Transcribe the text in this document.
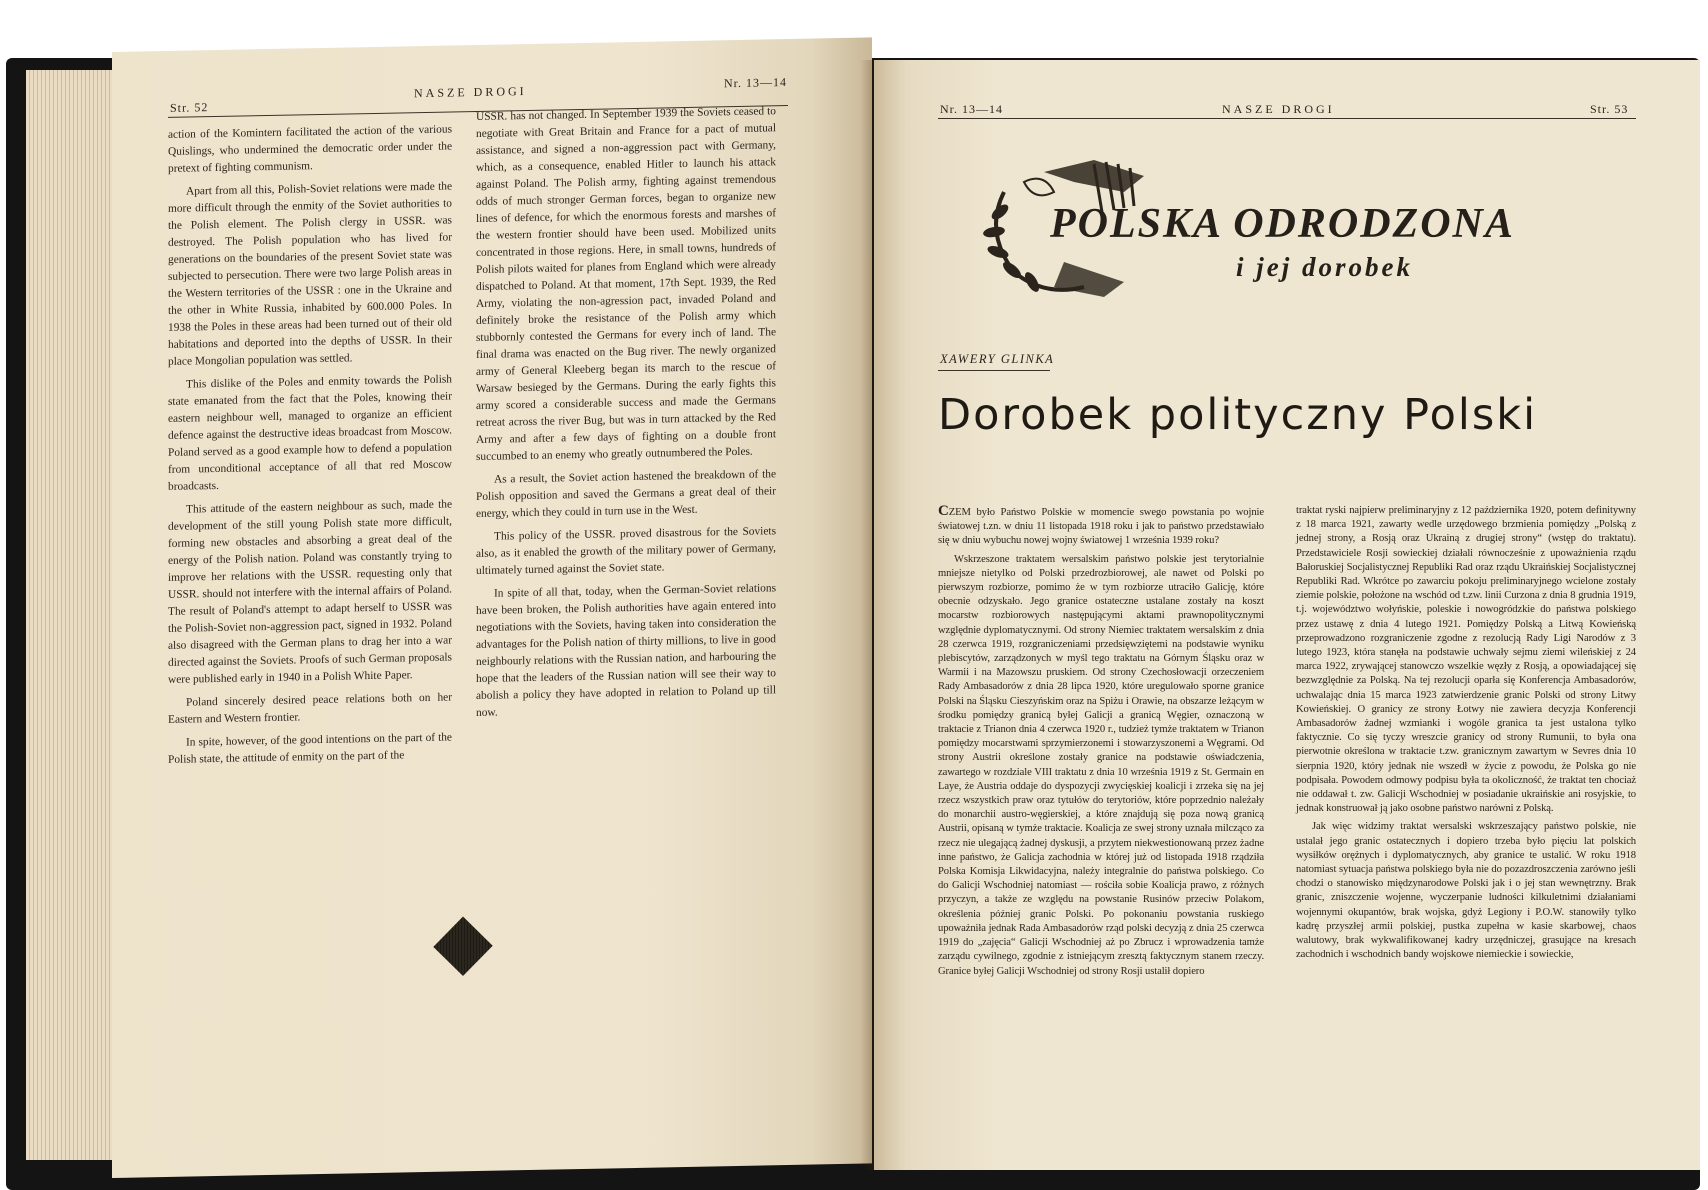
Str. 52
NASZE DROGI
Nr. 13—14

action of the Komintern facilitated the action of the various Quislings, who undermined the democratic order under the pretext of fighting communism.

Apart from all this, Polish-Soviet relations were made the more difficult through the enmity of the Soviet authorities to the Polish element. The Polish clergy in USSR. was destroyed. The Polish population who has lived for generations on the boundaries of the present Soviet state was subjected to persecution. There were two large Polish areas in the Western territories of the USSR : one in the Ukraine and the other in White Russia, inhabited by 600.000 Poles. In 1938 the Poles in these areas had been turned out of their old habitations and deported into the depths of USSR. In their place Mongolian population was settled.

This dislike of the Poles and enmity towards the Polish state emanated from the fact that the Poles, knowing their eastern neighbour well, managed to organize an efficient defence against the destructive ideas broadcast from Moscow. Poland served as a good example how to defend a population from unconditional acceptance of all that red Moscow broadcasts.

This attitude of the eastern neighbour as such, made the development of the still young Polish state more difficult, forming new obstacles and absorbing a great deal of the energy of the Polish nation. Poland was constantly trying to improve her relations with the USSR. requesting only that USSR. should not interfere with the internal affairs of Poland. The result of Poland's attempt to adapt herself to USSR was the Polish-Soviet non-aggression pact, signed in 1932. Poland also disagreed with the German plans to drag her into a war directed against the Soviets. Proofs of such German proposals were published early in 1940 in a Polish White Paper.

Poland sincerely desired peace relations both on her Eastern and Western frontier.

In spite, however, of the good intentions on the part of the Polish state, the attitude of enmity on the part of the

USSR. has not changed. In September 1939 the Soviets ceased to negotiate with Great Britain and France for a pact of mutual assistance, and signed a non-aggression pact with Germany, which, as a consequence, enabled Hitler to launch his attack against Poland. The Polish army, fighting against tremendous odds of much stronger German forces, began to organize new lines of defence, for which the enormous forests and marshes of the western frontier should have been used. Mobilized units concentrated in those regions. Here, in small towns, hundreds of Polish pilots waited for planes from England which were already dispatched to Poland. At that moment, 17th Sept. 1939, the Red Army, violating the non-agression pact, invaded Poland and definitely broke the resistance of the Polish army which stubbornly contested the Germans for every inch of land. The final drama was enacted on the Bug river. The newly organized army of General Kleeberg began its march to the rescue of Warsaw besieged by the Germans. During the early fights this army scored a considerable success and made the Germans retreat across the river Bug, but was in turn attacked by the Red Army and after a few days of fighting on a double front succumbed to an enemy who greatly outnumbered the Poles.

As a result, the Soviet action hastened the breakdown of the Polish opposition and saved the Germans a great deal of their energy, which they could in turn use in the West.

This policy of the USSR. proved disastrous for the Soviets also, as it enabled the growth of the military power of Germany, ultimately turned against the Soviet state.

In spite of all that, today, when the German-Soviet relations have been broken, the Polish authorities have again entered into negotiations with the Soviets, having taken into consideration the advantages for the Polish nation of thirty millions, to live in good neighbourly relations with the Russian nation, and harbouring the hope that the leaders of the Russian nation will see their way to abolish a policy they have adopted in relation to Poland up till now.

Nr. 13—14	NASZE DROGI	Str. 53
POLSKA ODRODZONA
i jej dorobek
XAWERY GLINKA
Dorobek polityczny Polski

CZEM było Państwo Polskie w momencie swego powstania po wojnie światowej t.zn. w dniu 11 listopada 1918 roku i jak to państwo przedstawiało się w dniu wybuchu nowej wojny światowej 1 września 1939 roku?

Wskrzeszone traktatem wersalskim państwo polskie jest terytorialnie mniejsze nietylko od Polski przedrozbiorowej, ale nawet od Polski po pierwszym rozbiorze, pomimo że w tym rozbiorze utraciło Galicję, które obecnie odzyskało. Jego granice ostateczne ustalane zostały na koszt mocarstw rozbiorowych następującymi aktami prawnopolitycznymi względnie dyplomatycznymi. Od strony Niemiec traktatem wersalskim z dnia 28 czerwca 1919, rozgraniczeniami przedsięwziętemi na podstawie wyniku plebiscytów, zarządzonych w myśl tego traktatu na Górnym Śląsku oraz w Warmii i na Mazowszu pruskiem. Od strony Czechosłowacji orzeczeniem Rady Ambasadorów z dnia 28 lipca 1920, które uregulowało sporne granice Polski na Śląsku Cieszyńskim oraz na Spiżu i Orawie, na obszarze leżącym w środku pomiędzy granicą byłej Galicji a granicą Węgier, oznaczoną w traktacie z Trianon dnia 4 czerwca 1920 r., tudzież tymże traktatem w Trianon pomiędzy mocarstwami sprzymierzonemi i stowarzyszonemi a Węgrami. Od strony Austrii określone zostały granice na podstawie oświadczenia, zawartego w rozdziale VIII traktatu z dnia 10 września 1919 z St. Germain en Laye, że Austria oddaje do dyspozycji zwycięskiej koalicji i zrzeka się na jej rzecz wszystkich praw oraz tytułów do terytoriów, które poprzednio należały do monarchii austro-węgierskiej, a które znajdują się poza nową granicą Austrii, opisaną w tymże traktacie. Koalicja ze swej strony uznała milcząco za rzecz nie ulegającą żadnej dyskusji, a przytem niekwestionowaną przez żadne inne państwo, że Galicja zachodnia w której już od listopada 1918 rządziła Polska Komisja Likwidacyjna, należy integralnie do państwa polskiego. Co do Galicji Wschodniej natomiast — rościła sobie Koalicja prawo, z różnych przyczyn, a także ze względu na powstanie Rusinów przeciw Polakom, określenia później granic Polski. Po pokonaniu powstania ruskiego upoważniła jednak Rada Ambasadorów rząd polski decyzją z dnia 25 czerwca 1919 do „zajęcia“ Galicji Wschodniej aż po Zbrucz i wprowadzenia tamże zarządu cywilnego, zgodnie z istniejącym zresztą faktycznym stanem rzeczy. Granice byłej Galicji Wschodniej od strony Rosji ustalił dopiero

traktat ryski najpierw preliminaryjny z 12 października 1920, potem definitywny z 18 marca 1921, zawarty wedle urzędowego brzmienia pomiędzy „Polską z jednej strony, a Rosją oraz Ukrainą z drugiej strony“ (wstęp do traktatu). Przedstawiciele Rosji sowieckiej działali równocześnie z upoważnienia rządu Bałoruskiej Socjalistycznej Republiki Rad oraz rządu Ukraińskiej Socjalistycznej Republiki Rad. Wkrótce po zawarciu pokoju preliminaryjnego wcielone zostały ziemie polskie, położone na wschód od t.zw. linii Curzona z dnia 8 grudnia 1919, t.j. województwo wołyńskie, poleskie i nowogródzkie do państwa polskiego przez ustawę z dnia 4 lutego 1921. Pomiędzy Polską a Litwą Kowieńską przeprowadzono rozgraniczenie zgodne z rezolucją Rady Ligi Narodów z 3 lutego 1923, która stanęła na podstawie uchwały sejmu ziemi wileńskiej z 24 marca 1922, zrywającej stanowczo wszelkie węzły z Rosją, a opowiadającej się bezwzględnie za Polską. Na tej rezolucji oparła się Konferencja Ambasadorów, uchwalając dnia 15 marca 1923 zatwierdzenie granic Polski od strony Litwy Kowieńskiej. O granicy ze strony Łotwy nie zawiera decyzja Konferencji Ambasadorów żadnej wzmianki i wogóle granica ta jest ustalona tylko faktycznie. Co się tyczy wreszcie granicy od strony Rumunii, to była ona pierwotnie określona w traktacie t.zw. granicznym zawartym w Sevres dnia 10 sierpnia 1920, który jednak nie wszedł w życie z powodu, że Polska go nie podpisała. Powodem odmowy podpisu była ta okoliczność, że traktat ten chociaż nie oddawał t. zw. Galicji Wschodniej w posiadanie ukraińskie ani rosyjskie, to jednak konstruował ją jako osobne państwo narówni z Polską.

Jak więc widzimy traktat wersalski wskrzeszający państwo polskie, nie ustalał jego granic ostatecznych i dopiero trzeba było pięciu lat polskich wysiłków orężnych i dyplomatycznych, aby granice te ustalić. W roku 1918 natomiast sytuacja państwa polskiego była nie do pozazdroszczenia zarówno jeśli chodzi o stanowisko międzynarodowe Polski jak i o jej stan wewnętrzny. Brak granic, zniszczenie wojenne, wyczerpanie ludności kilkuletnimi działaniami wojennymi okupantów, brak wojska, gdyż Legiony i P.O.W. stanowiły tylko kadrę przyszłej armii polskiej, pustka zupełna w kasie skarbowej, chaos walutowy, brak wykwalifikowanej kadry urzędniczej, grasujące na kresach zachodnich i wschodnich bandy wojskowe niemieckie i sowieckie,
